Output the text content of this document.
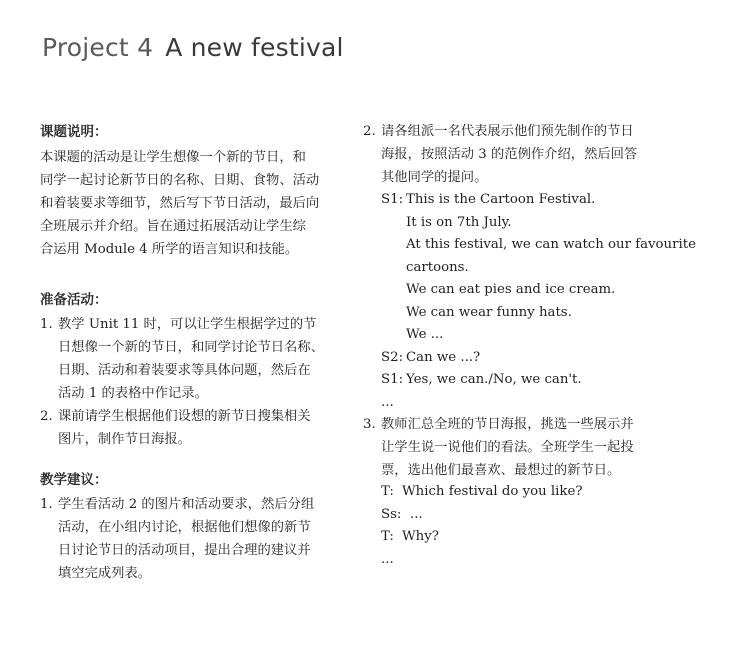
Project 4 A new festival
课题说明：
本课题的活动是让学生想像一个新的节日，和
同学一起讨论新节日的名称、日期、食物、活动
和着装要求等细节，然后写下节日活动，最后向
全班展示并介绍。旨在通过拓展活动让学生综
合运用 Module 4 所学的语言知识和技能。
准备活动：
1. 教学 Unit 11 时，可以让学生根据学过的节
日想像一个新的节日，和同学讨论节日名称、
日期、活动和着装要求等具体问题，然后在
活动 1 的表格中作记录。
2. 课前请学生根据他们设想的新节日搜集相关
图片，制作节日海报。
教学建议：
1. 学生看活动 2 的图片和活动要求，然后分组
活动，在小组内讨论，根据他们想像的新节
日讨论节日的活动项目，提出合理的建议并
填空完成列表。
2. 请各组派一名代表展示他们预先制作的节日
海报，按照活动 3 的范例作介绍，然后回答
其他同学的提问。
S1: This is the Cartoon Festival.
It is on 7th July.
At this festival, we can watch our favourite
cartoons.
We can eat pies and ice cream.
We can wear funny hats.
We ...
S2: Can we ...?
S1: Yes, we can./No, we can't.
...
3. 教师汇总全班的节日海报，挑选一些展示并
让学生说一说他们的看法。全班学生一起投
票，选出他们最喜欢、最想过的新节日。
T: Which festival do you like?
Ss: ...
T: Why?
...
